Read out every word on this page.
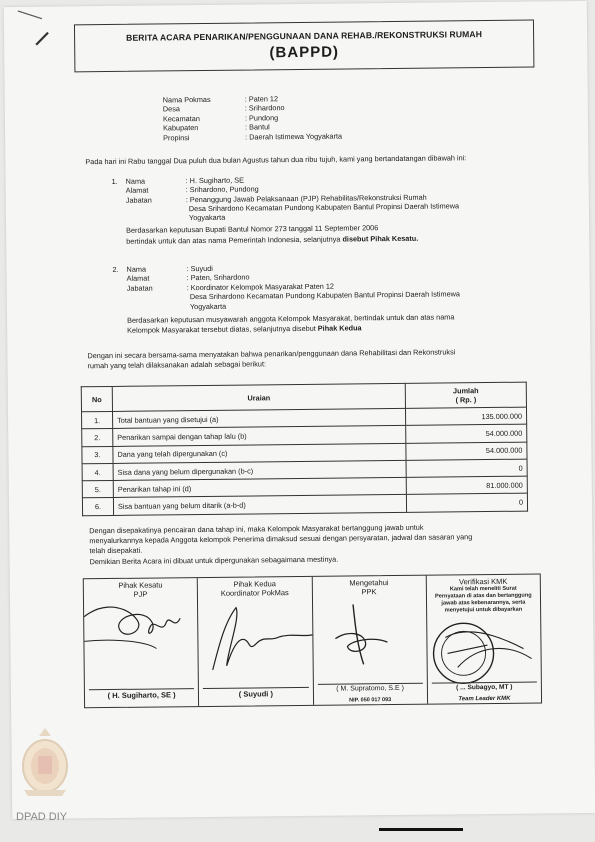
BERITA ACARA PENARIKAN/PENGGUNAAN DANA REHAB./REKONSTRUKSI RUMAH
(BAPPD)
Nama Pokmas	: Paten 12
Desa	: Srihardono
Kecamatan	: Pundong
Kabupaten	: Bantul
Propinsi	: Daerah Istimewa Yogyakarta
Pada hari ini Rabu tanggal Dua puluh dua bulan Agustus tahun dua ribu tujuh, kami yang bertandatangan dibawah ini:
1. Nama	: H. Sugiharto, SE
Alamat	: Srihardono, Pundong
Jabatan	: Penanggung Jawab Pelaksanaan (PJP) Rehabilitas/Rekonstruksi Rumah
Desa Srihardono Kecamatan Pundong Kabupaten Bantul Propinsi Daerah Istimewa
Yogyakarta
Berdasarkan keputusan Bupati Bantul Nomor 273 tanggal 11 September 2006
bertindak untuk dan atas nama Pemerintah Indonesia, selanjutnya disebut Pihak Kesatu.
2. Nama	: Suyudi
Alamat	: Paten, Srihardono
Jabatan	: Koordinator Kelompok Masyarakat Paten 12
Desa Srihardono Kecamatan Pundong Kabupaten Bantul Propinsi Daerah Istimewa
Yogyakarta
Berdasarkan keputusan musyawarah anggota Kelompok Masyarakat, bertindak untuk dan atas nama
Kelompok Masyarakat tersebut diatas, selanjutnya disebut Pihak Kedua
Dengan ini secara bersama-sama menyatakan bahwa penarikan/penggunaan dana Rehabilitasi dan Rekonstruksi
rumah yang telah dilaksanakan adalah sebagai berikut:
No	Uraian	Jumlah
( Rp. )

1.	Total bantuan yang disetujui (a)	135.000.000
2.	Penarikan sampai dengan tahap lalu (b)	54.000.000
3.	Dana yang telah dipergunakan (c)	54.000.000
4.	Sisa dana yang belum dipergunakan (b-c)	0
5.	Penarikan tahap ini (d)	81.000.000
6.	Sisa bantuan yang belum ditarik (a-b-d)	0
Dengan disepakatinya pencairan dana tahap ini, maka Kelompok Masyarakat bertanggung jawab untuk
menyalurkannya kepada Anggota kelompok Penerima dimaksud sesuai dengan persyaratan, jadwal dan sasaran yang
telah disepakati.
Demikian Berita Acara ini dibuat untuk dipergunakan sebagaimana mestinya.
Pihak Kesatu
PJP
( H. Sugiharto, SE )
Pihak Kedua
Koordinator PokMas
( Suyudi )
Mengetahui
PPK
( M. Supratomo, S.E )
NIP. 050 017 093
Verifikasi KMK
Kami telah meneliti Surat
Pernyataan di atas dan bertanggung
jawab atas kebenarannya, serta
menyetujui untuk dibayarkan
( ... Subagyo, MT )
Team Leader KMK
DPAD DIY
